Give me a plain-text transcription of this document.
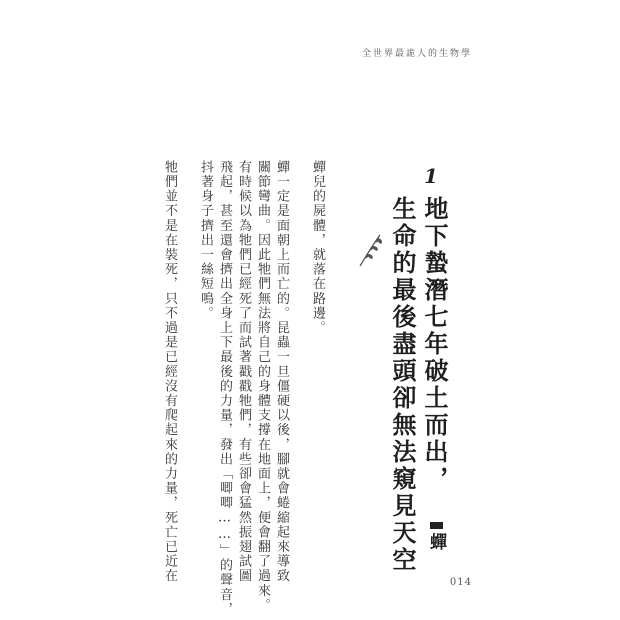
全世界最詭人的生物學
1
地下蟄潛七年破土而出，
生命的最後盡頭卻無法窺見天空 蟬
蟬兒的屍體，就落在路邊。
蟬一定是面朝上而亡的。昆蟲一旦僵硬以後，腳就會蜷縮起來導致
關節彎曲。因此牠們無法將自己的身體支撐在地面上，便會翻了過來。
有時候以為牠們已經死了而試著戳戳牠們，有些卻會猛然振翅試圖
飛起，甚至還會擠出全身上下最後的力量，發出「唧唧……」的聲音，
抖著身子擠出一絲短鳴。
牠們並不是在裝死，只不過是已經沒有爬起來的力量，死亡已近在	014
